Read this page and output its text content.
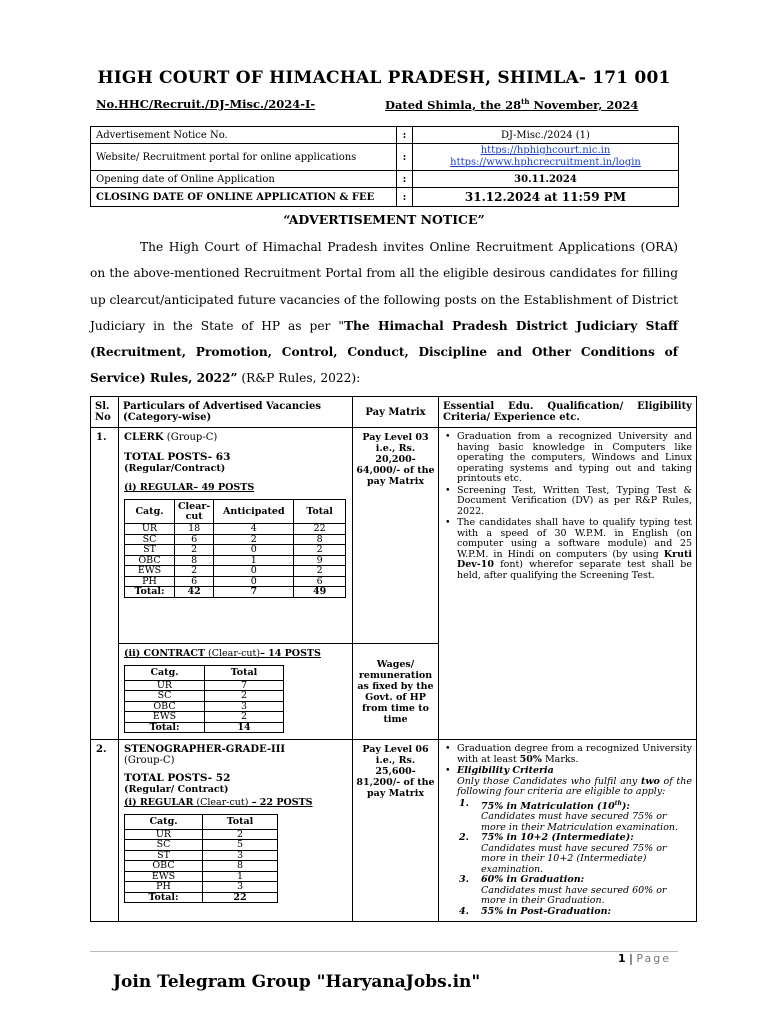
HIGH COURT OF HIMACHAL PRADESH, SHIMLA- 171 001
No.HHC/Recruit./DJ-Misc./2024-I-	Dated Shimla, the 28th November, 2024
Advertisement Notice No.	:	DJ-Misc./2024 (1)
Website/ Recruitment portal for online applications	:	https://hphighcourt.nic.in
https://www.hphcrecruitment.in/login

Opening date of Online Application	:	30.11.2024
CLOSING DATE OF ONLINE APPLICATION & FEE	:	31.12.2024 at 11:59 PM
“ADVERTISEMENT NOTICE”
The High Court of Himachal Pradesh invites Online Recruitment Applications (ORA) on the above-mentioned Recruitment Portal from all the eligible desirous candidates for filling up clearcut/anticipated future vacancies of the following posts on the Establishment of District Judiciary in the State of HP as per "The Himachal Pradesh District Judiciary Staff (Recruitment, Promotion, Control, Conduct, Discipline and Other Conditions of Service) Rules, 2022” (R&P Rules, 2022):
Sl. No	Particulars of Advertised Vacancies (Category-wise)	Pay Matrix	Essential Edu. Qualification/ Eligibility Criteria/ Experience etc.
1.	CLERK (Group-C)
TOTAL POSTS- 63
(Regular/Contract)
(i) REGULAR– 49 POSTS
Catg.	Clear-cut	Anticipated	Total
UR	18	4	22
SC	6	2	8
ST	2	0	2
OBC	8	1	9
EWS	2	0	2
PH	6	0	6
Total:	42	7	49
	Pay Level 03 i.e., Rs. 20,200-64,000/- of the pay Matrix	
• Graduation from a recognized University and having basic knowledge in Computers like operating the computers, Windows and Linux operating systems and typing out and taking printouts etc.
• Screening Test, Written Test, Typing Test & Document Verification (DV) as per R&P Rules, 2022.
• The candidates shall have to qualify typing test with a speed of 30 W.P.M. in English (on computer using a software module) and 25 W.P.M. in Hindi on computers (by using Kruti Dev-10 font) wherefor separate test shall be held, after qualifying the Screening Test.

(ii) CONTRACT (Clear-cut)– 14 POSTS
Catg.	Total
UR	7
SC	2
OBC	3
EWS	2
Total:	14
	Wages/ remuneration as fixed by the Govt. of HP from time to time
2.	STENOGRAPHER-GRADE-III
(Group-C)
TOTAL POSTS- 52
(Regular/ Contract)
(i) REGULAR (Clear-cut) – 22 POSTS
Catg.	Total
UR	2
SC	5
ST	3
OBC	8
EWS	1
PH	3
Total:	22
	Pay Level 06 i.e., Rs. 25,600-81,200/- of the pay Matrix	
• Graduation degree from a recognized University with at least 50% Marks.
• Eligibility Criteria
Only those Candidates who fulfil any two of the following four criteria are eligible to apply:
1. 75% in Matriculation (10th):
Candidates must have secured 75% or more in their Matriculation examination.
2. 75% in 10+2 (Intermediate):
Candidates must have secured 75% or more in their 10+2 (Intermediate) examination.
3. 60% in Graduation:
Candidates must have secured 60% or more in their Graduation.
4. 55% in Post-Graduation:
1 | Page
Join Telegram Group "HaryanaJobs.in"
